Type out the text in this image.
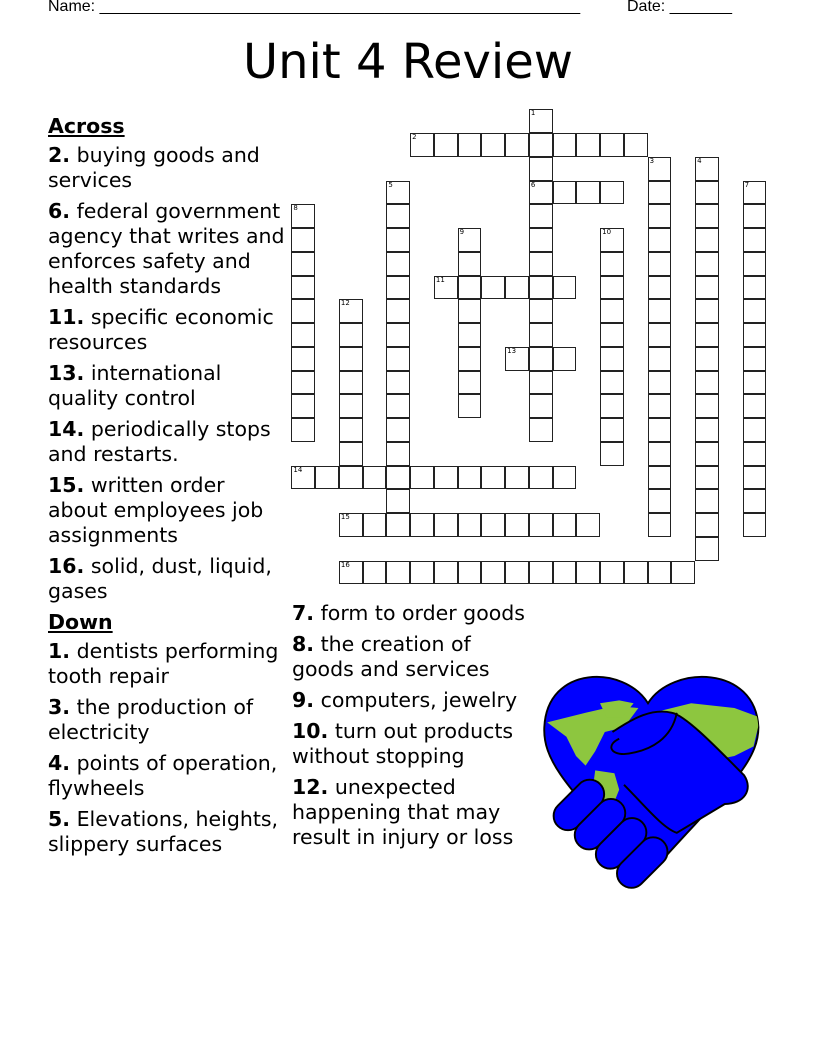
Name: ______________________________________________________	Date: _______
Unit 4 Review
Across
2. buying goods and services
6. federal government agency that writes and enforces safety and health standards
11. specific economic resources
13. international quality control
14. periodically stops and restarts.
15. written order about employees job assignments
16. solid, dust, liquid, gases
Down
1. dentists performing tooth repair
3. the production of electricity
4. points of operation, flywheels
5. Elevations, heights, slippery surfaces
7. form to order goods
8. the creation of goods and services
9. computers, jewelry
10. turn out products without stopping
12. unexpected happening that may result in injury or loss
1
6
2
3	4
5	7
8
9	10
11
12
13
14
15
16
